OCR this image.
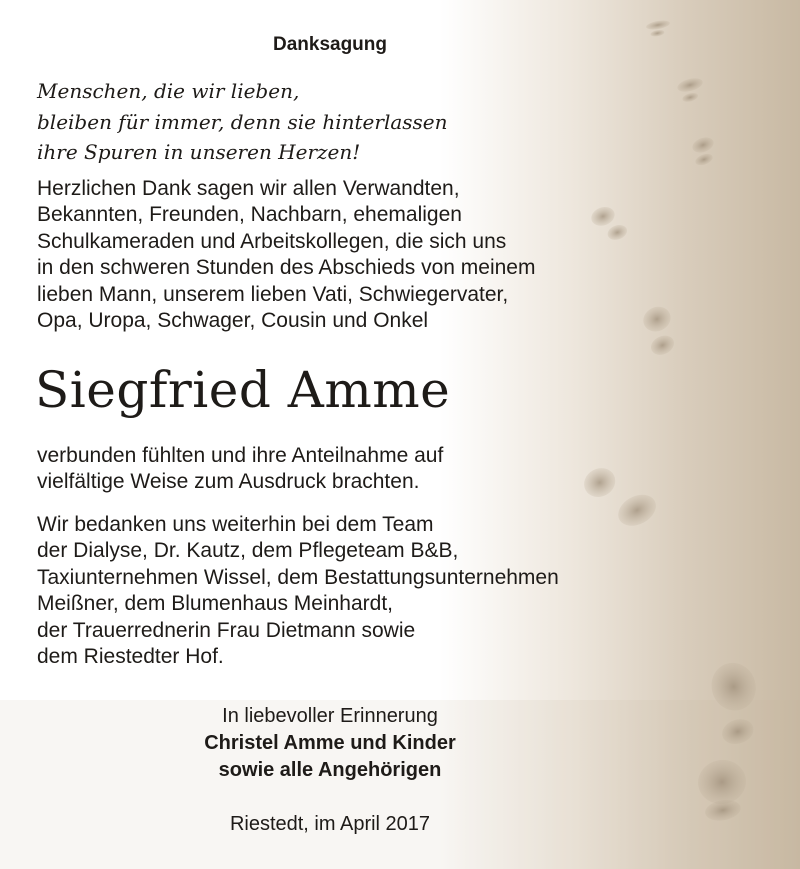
Danksagung
Menschen, die wir lieben,
bleiben für immer, denn sie hinterlassen
ihre Spuren in unseren Herzen!
Herzlichen Dank sagen wir allen Verwandten,
Bekannten, Freunden, Nachbarn, ehemaligen
Schulkameraden und Arbeitskollegen, die sich uns
in den schweren Stunden des Abschieds von meinem
lieben Mann, unserem lieben Vati, Schwiegervater,
Opa, Uropa, Schwager, Cousin und Onkel
Siegfried Amme
verbunden fühlten und ihre Anteilnahme auf
vielfältige Weise zum Ausdruck brachten.
Wir bedanken uns weiterhin bei dem Team
der Dialyse, Dr. Kautz, dem Pflegeteam B&B,
Taxiunternehmen Wissel, dem Bestattungsunternehmen
Meißner, dem Blumenhaus Meinhardt,
der Trauerrednerin Frau Dietmann sowie
dem Riestedter Hof.
In liebevoller Erinnerung
Christel Amme und Kinder
sowie alle Angehörigen
Riestedt, im April 2017
